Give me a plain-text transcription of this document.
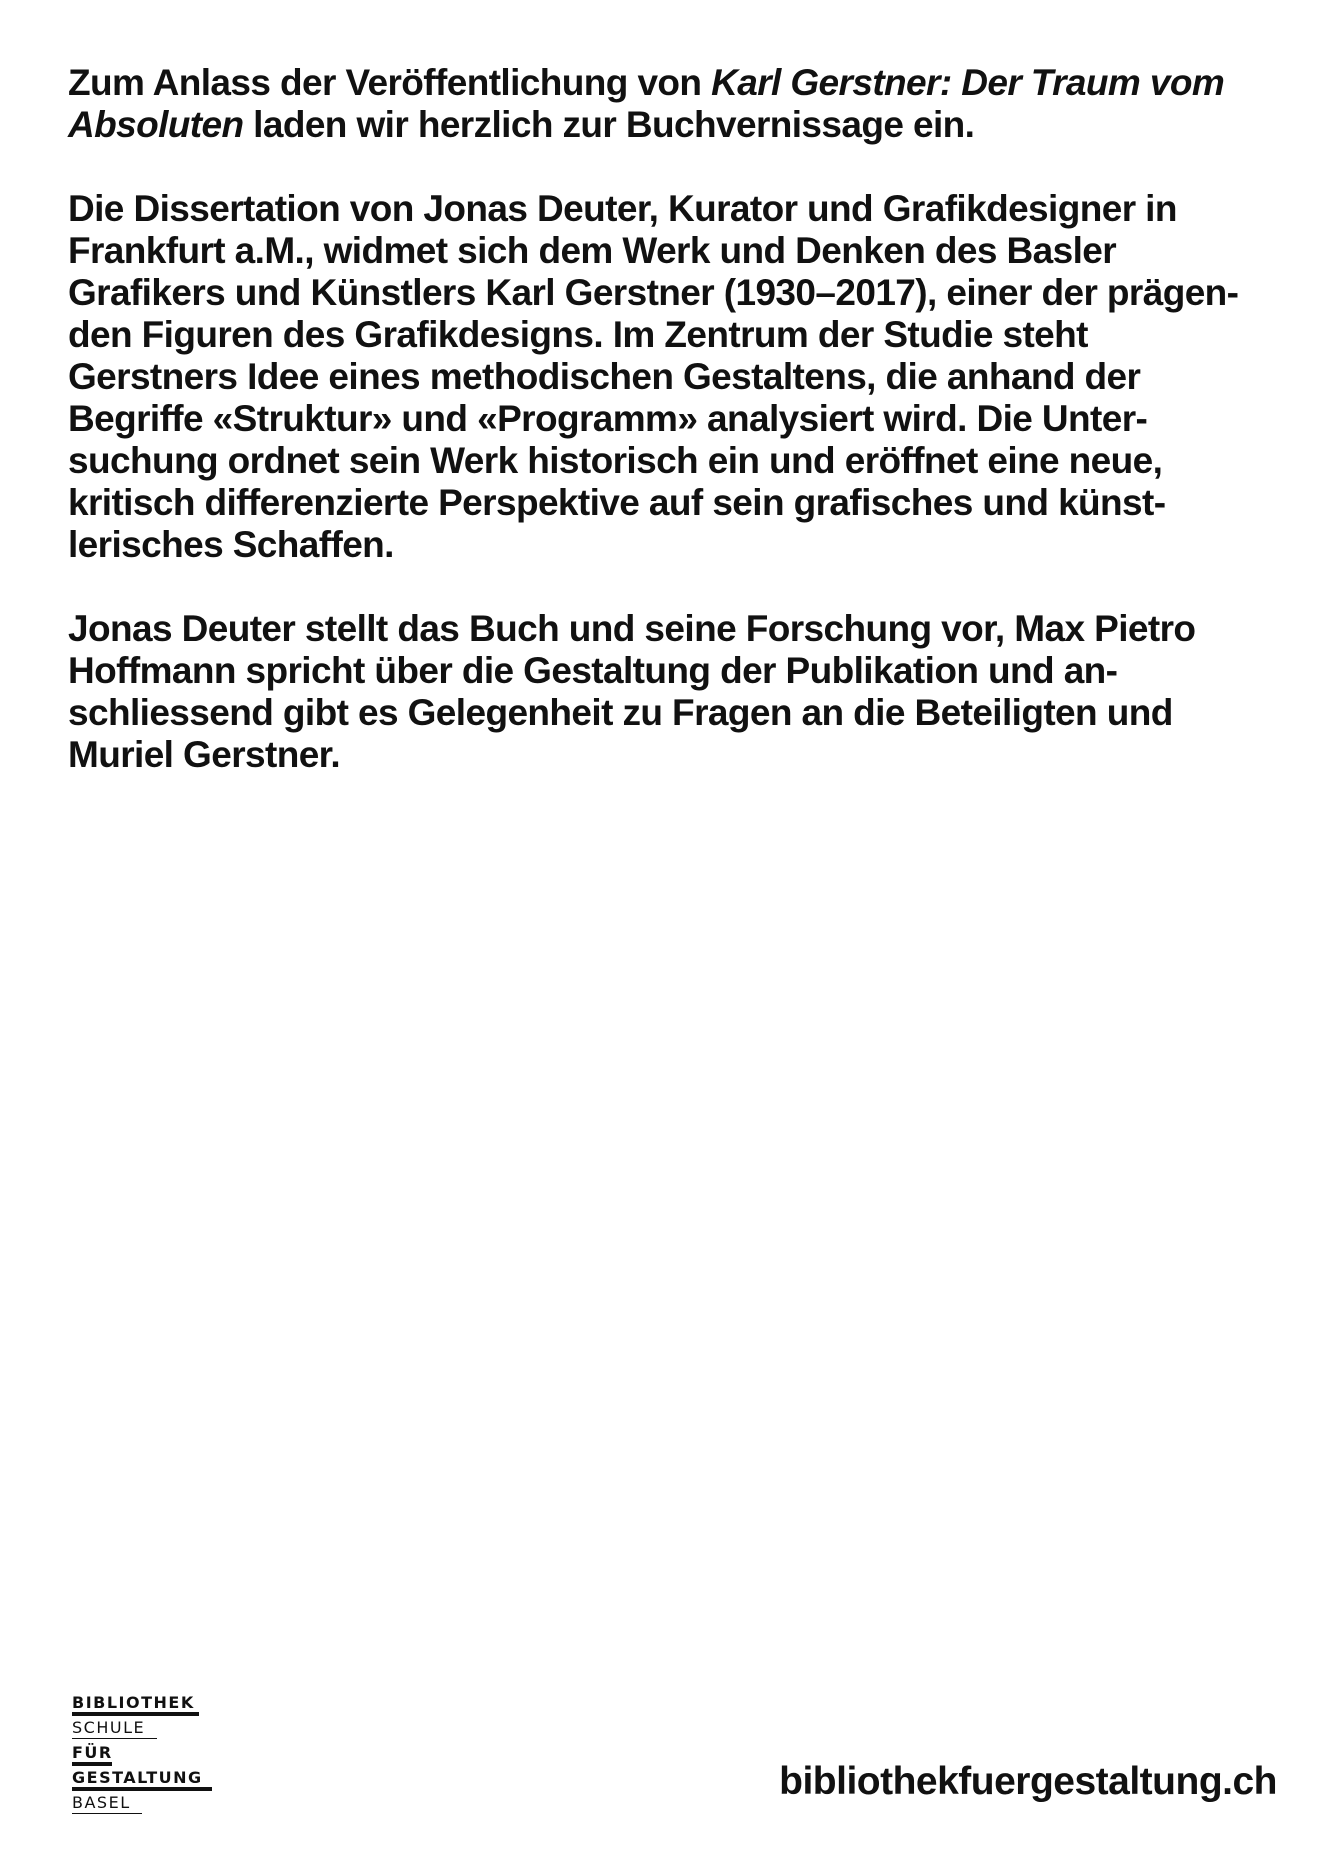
Zum Anlass der Veröffentlichung von Karl Gerstner: Der Traum vom
Absoluten laden wir herzlich zur Buchvernissage ein.

Die Dissertation von Jonas Deuter, Kurator und Grafikdesigner in
Frankfurt a.M., widmet sich dem Werk und Denken des Basler
Grafikers und Künstlers Karl Gerstner (1930–2017), einer der prägen-
den Figuren des Grafikdesigns. Im Zentrum der Studie steht
Gerstners Idee eines methodischen Gestaltens, die anhand der
Begriffe «Struktur» und «Programm» analysiert wird. Die Unter-
suchung ordnet sein Werk historisch ein und eröffnet eine neue,
kritisch differenzierte Perspektive auf sein grafisches und künst-
lerisches Schaffen.

Jonas Deuter stellt das Buch und seine Forschung vor, Max Pietro
Hoffmann spricht über die Gestaltung der Publikation und an-
schliessend gibt es Gelegenheit zu Fragen an die Beteiligten und
Muriel Gerstner.

BIBLIOTHEK
SCHULE
FÜR
GESTALTUNG
BASEL	bibliothekfuergestaltung.ch
